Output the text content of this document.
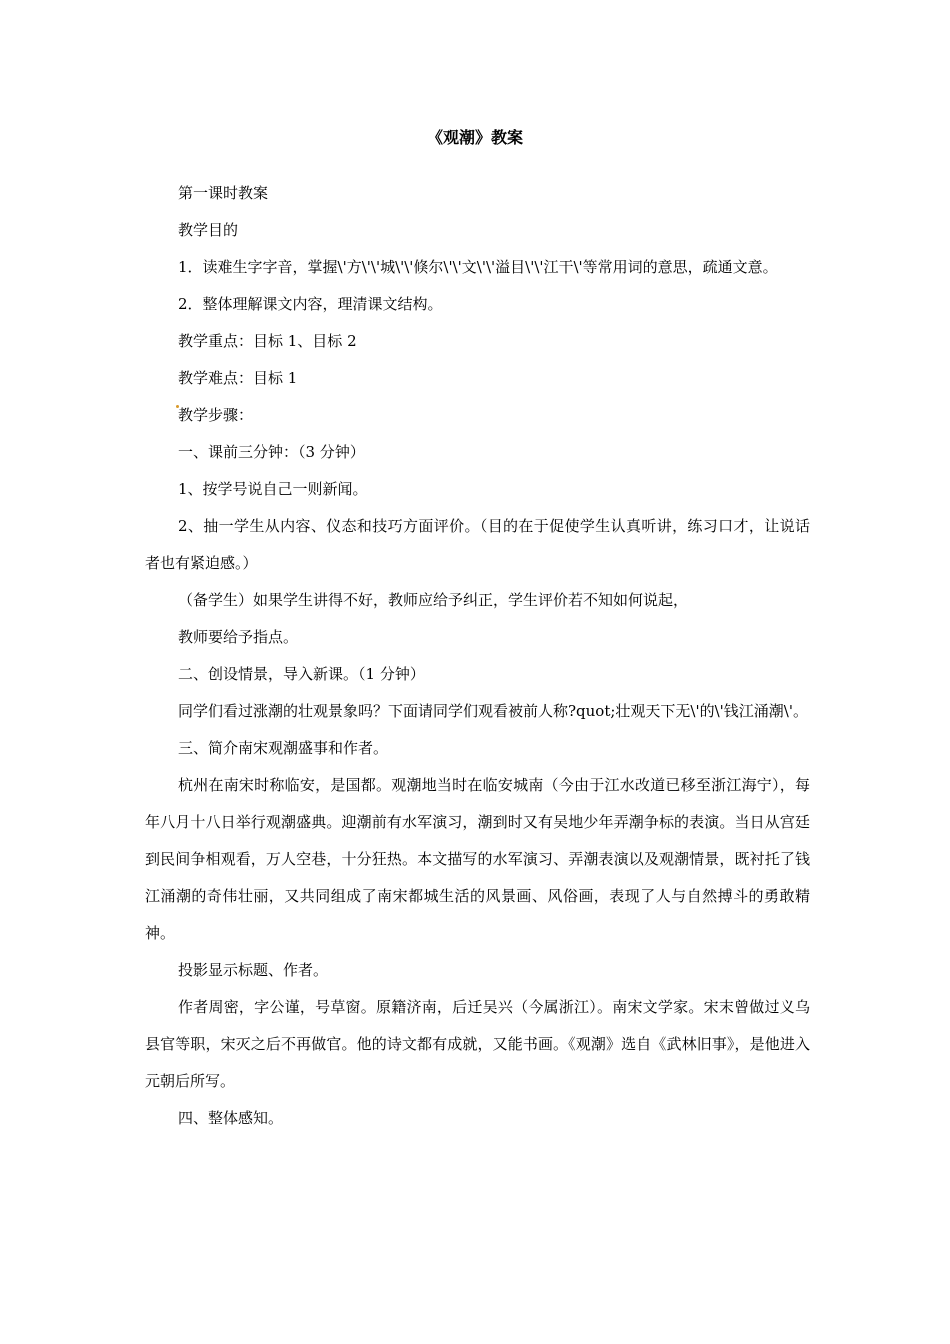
《观潮》教案

第一课时教案

教学目的

1．读难生字字音，掌握\'方\'\'城\'\'倏尔\'\'文\'\'溢目\'\'江干\'等常用词的意思，疏通文意。

2．整体理解课文内容，理清课文结构。

教学重点：目标 1、目标 2

教学难点：目标 1

教学步骤：

一、课前三分钟：（3 分钟）

1、按学号说自己一则新闻。

2、抽一学生从内容、仪态和技巧方面评价。（目的在于促使学生认真听讲，练习口才，让说话者也有紧迫感。）

（备学生）如果学生讲得不好，教师应给予纠正，学生评价若不知如何说起，

教师要给予指点。

二、创设情景，导入新课。（1 分钟）

同学们看过涨潮的壮观景象吗？下面请同学们观看被前人称?quot;壮观天下无\'的\'钱江涌潮\'。

三、简介南宋观潮盛事和作者。

杭州在南宋时称临安，是国都。观潮地当时在临安城南（今由于江水改道已移至浙江海宁），每年八月十八日举行观潮盛典。迎潮前有水军演习，潮到时又有吴地少年弄潮争标的表演。当日从宫廷到民间争相观看，万人空巷，十分狂热。本文描写的水军演习、弄潮表演以及观潮情景，既衬托了钱江涌潮的奇伟壮丽，又共同组成了南宋都城生活的风景画、风俗画，表现了人与自然搏斗的勇敢精神。

投影显示标题、作者。

作者周密，字公谨，号草窗。原籍济南，后迁吴兴（今属浙江）。南宋文学家。宋末曾做过义乌县官等职，宋灭之后不再做官。他的诗文都有成就，又能书画。《观潮》选自《武林旧事》，是他进入元朝后所写。

四、整体感知。
